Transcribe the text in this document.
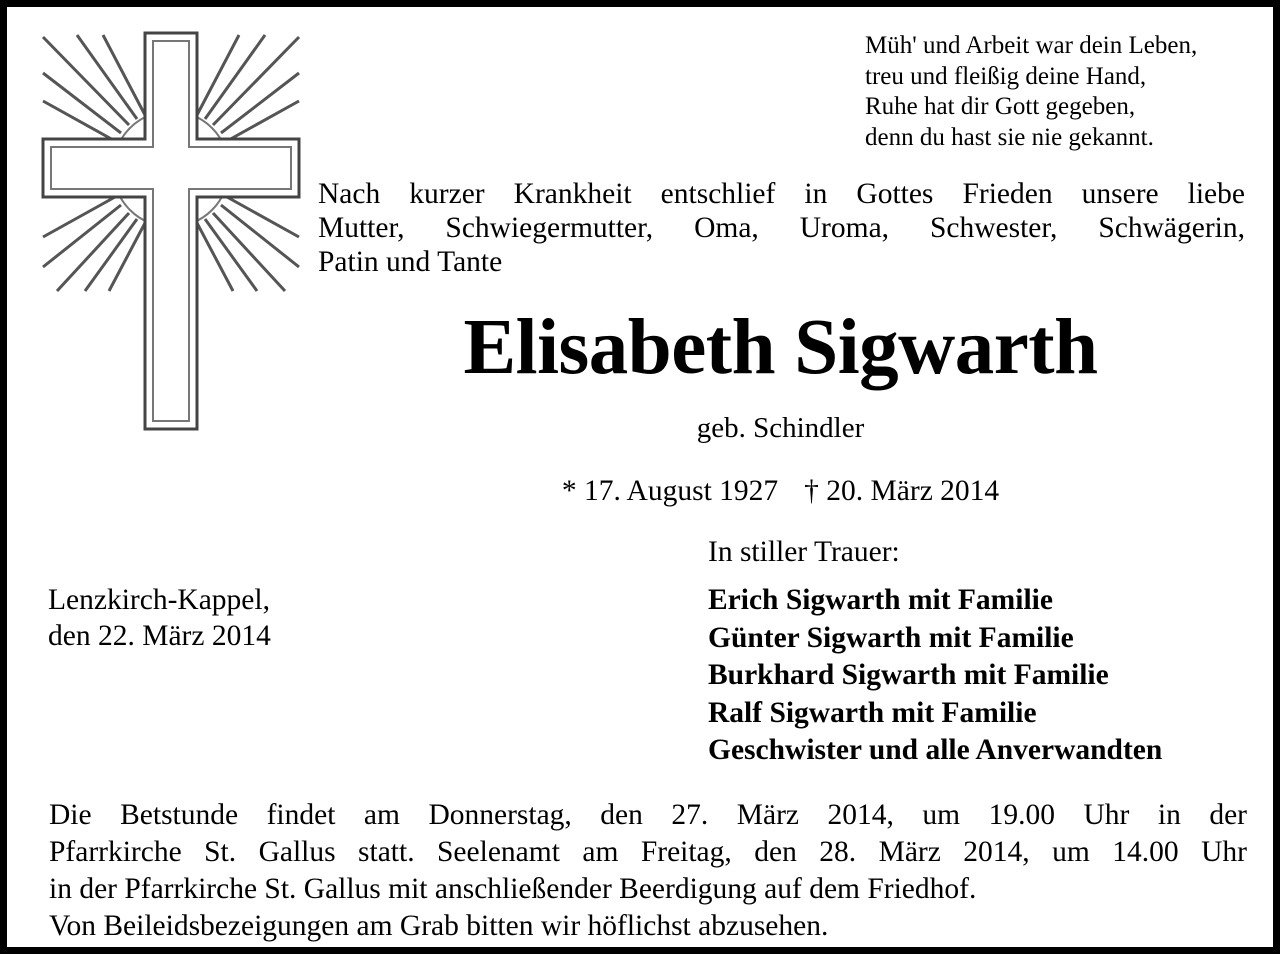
Müh' und Arbeit war dein Leben,
treu und fleißig deine Hand,
Ruhe hat dir Gott gegeben,
denn du hast sie nie gekannt.
Nach kurzer Krankheit entschlief in Gottes Frieden unsere liebe
Mutter, Schwiegermutter, Oma, Uroma, Schwester, Schwägerin,
Patin und Tante
Elisabeth Sigwarth
geb. Schindler
* 17. August 1927 † 20. März 2014
Lenzkirch-Kappel,
den 22. März 2014
In stiller Trauer:
Erich Sigwarth mit Familie
Günter Sigwarth mit Familie
Burkhard Sigwarth mit Familie
Ralf Sigwarth mit Familie
Geschwister und alle Anverwandten
Die Betstunde findet am Donnerstag, den 27. März 2014, um 19.00 Uhr in der
Pfarrkirche St. Gallus statt. Seelenamt am Freitag, den 28. März 2014, um 14.00 Uhr
in der Pfarrkirche St. Gallus mit anschließender Beerdigung auf dem Friedhof.
Von Beileidsbezeigungen am Grab bitten wir höflichst abzusehen.
